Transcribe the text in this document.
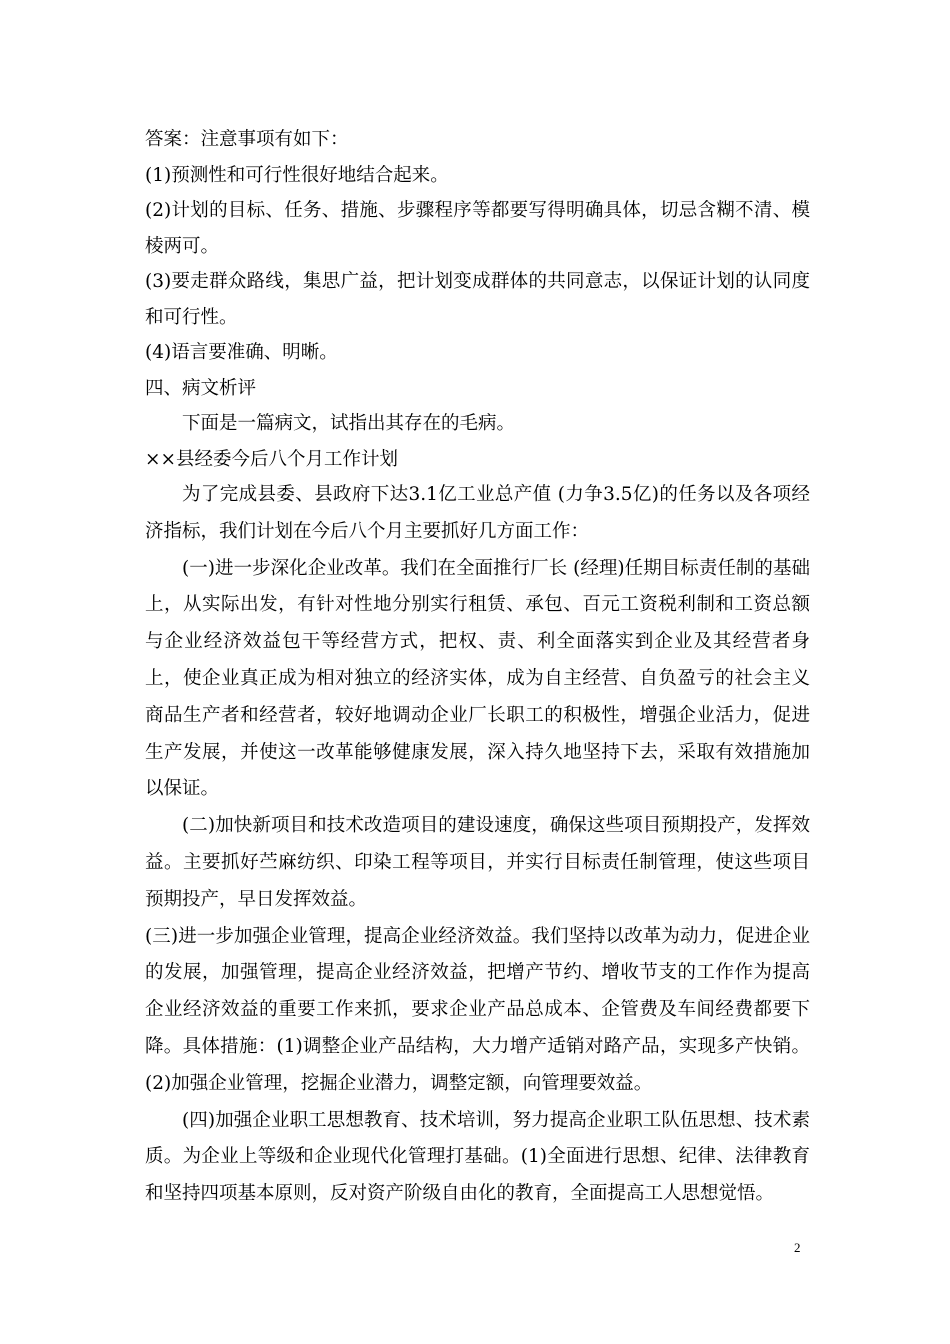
答案：注意事项有如下：

(1)预测性和可行性很好地结合起来。

(2)计划的目标、任务、措施、步骤程序等都要写得明确具体，切忌含糊不清、模棱两可。

(3)要走群众路线，集思广益，把计划变成群体的共同意志，以保证计划的认同度和可行性。

(4)语言要准确、明晰。

四、病文析评

下面是一篇病文，试指出其存在的毛病。

××县经委今后八个月工作计划

为了完成县委、县政府下达3.1亿工业总产值 (力争3.5亿)的任务以及各项经济指标，我们计划在今后八个月主要抓好几方面工作：

(一)进一步深化企业改革。我们在全面推行厂长 (经理)任期目标责任制的基础上，从实际出发，有针对性地分别实行租赁、承包、百元工资税利制和工资总额与企业经济效益包干等经营方式，把权、责、利全面落实到企业及其经营者身上，使企业真正成为相对独立的经济实体，成为自主经营、自负盈亏的社会主义商品生产者和经营者，较好地调动企业厂长职工的积极性，增强企业活力，促进生产发展，并使这一改革能够健康发展，深入持久地坚持下去，采取有效措施加以保证。

(二)加快新项目和技术改造项目的建设速度，确保这些项目预期投产，发挥效益。主要抓好苎麻纺织、印染工程等项目，并实行目标责任制管理，使这些项目预期投产，早日发挥效益。

(三)进一步加强企业管理，提高企业经济效益。我们坚持以改革为动力，促进企业的发展，加强管理，提高企业经济效益，把增产节约、增收节支的工作作为提高企业经济效益的重要工作来抓，要求企业产品总成本、企管费及车间经费都要下降。具体措施：(1)调整企业产品结构，大力增产适销对路产品，实现多产快销。(2)加强企业管理，挖掘企业潜力，调整定额，向管理要效益。

(四)加强企业职工思想教育、技术培训，努力提高企业职工队伍思想、技术素质。为企业上等级和企业现代化管理打基础。(1)全面进行思想、纪律、法律教育和坚持四项基本原则，反对资产阶级自由化的教育，全面提高工人思想觉悟。

2
